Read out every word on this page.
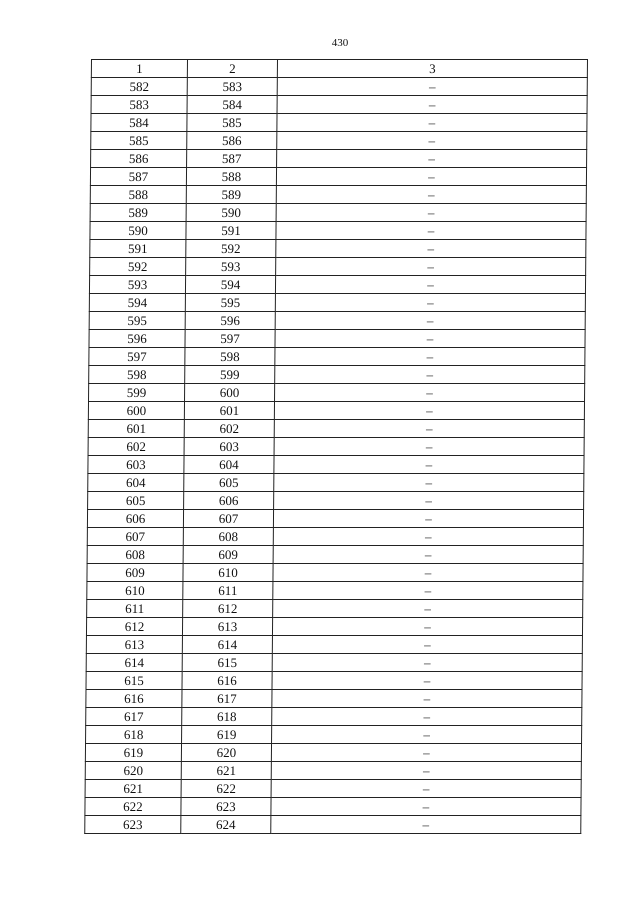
430
1	2	3
582	583	–
583	584	–
584	585	–
585	586	–
586	587	–
587	588	–
588	589	–
589	590	–
590	591	–
591	592	–
592	593	–
593	594	–
594	595	–
595	596	–
596	597	–
597	598	–
598	599	–
599	600	–
600	601	–
601	602	–
602	603	–
603	604	–
604	605	–
605	606	–
606	607	–
607	608	–
608	609	–
609	610	–
610	611	–
611	612	–
612	613	–
613	614	–
614	615	–
615	616	–
616	617	–
617	618	–
618	619	–
619	620	–
620	621	–
621	622	–
622	623	–
623	624	–
